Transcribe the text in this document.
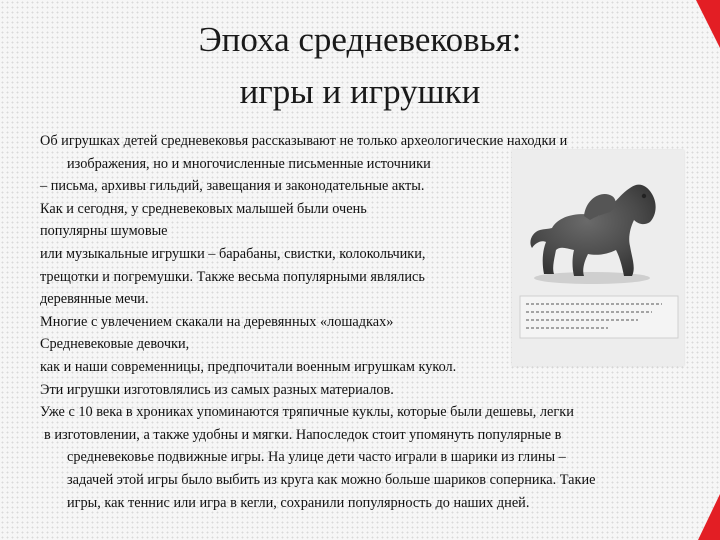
Эпоха средневековья:
игры и игрушки
Об игрушках детей средневековья рассказывают не только археологические находки и
изображения, но и многочисленные письменные источники
– письма, архивы гильдий, завещания и законодательные акты.
Как и сегодня, у средневековых малышей были очень
популярны шумовые
или музыкальные игрушки – барабаны, свистки, колокольчики,
трещотки и погремушки. Также весьма популярными являлись
деревянные мечи.
Многие с увлечением скакали на деревянных «лошадках»
Средневековые девочки,
как и наши современницы, предпочитали военным игрушкам кукол.
Эти игрушки изготовлялись из самых разных материалов.
Уже с 10 века в хрониках упоминаются тряпичные куклы, которые были дешевы, легки
в изготовлении, а также удобны и мягки. Напоследок стоит упомянуть популярные в
средневековье подвижные игры. На улице дети часто играли в шарики из глины –
задачей этой игры было выбить из круга как можно больше шариков соперника. Такие
игры, как теннис или игра в кегли, сохранили популярность до наших дней.
